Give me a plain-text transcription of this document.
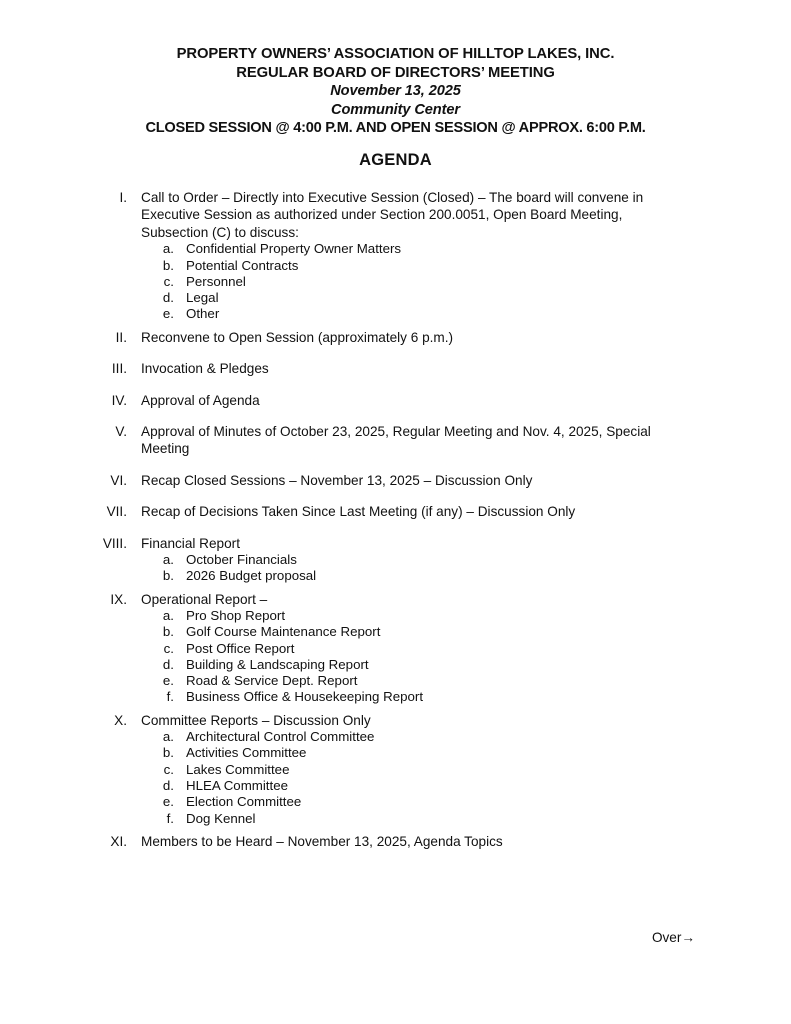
PROPERTY OWNERS’ ASSOCIATION OF HILLTOP LAKES, INC.
REGULAR BOARD OF DIRECTORS’ MEETING
November 13, 2025
Community Center
CLOSED SESSION @ 4:00 P.M. AND OPEN SESSION @ APPROX. 6:00 P.M.
AGENDA
I. Call to Order – Directly into Executive Session (Closed) – The board will convene in Executive Session as authorized under Section 200.0051, Open Board Meeting, Subsection (C) to discuss:
a. Confidential Property Owner Matters
b. Potential Contracts
c. Personnel
d. Legal
e. Other
II. Reconvene to Open Session (approximately 6 p.m.)
III. Invocation & Pledges
IV. Approval of Agenda
V. Approval of Minutes of October 23, 2025, Regular Meeting and Nov. 4, 2025, Special Meeting
VI. Recap Closed Sessions – November 13, 2025 – Discussion Only
VII. Recap of Decisions Taken Since Last Meeting (if any) – Discussion Only
VIII. Financial Report
a. October Financials
b. 2026 Budget proposal
IX. Operational Report –
a. Pro Shop Report
b. Golf Course Maintenance Report
c. Post Office Report
d. Building & Landscaping Report
e. Road & Service Dept. Report
f. Business Office & Housekeeping Report
X. Committee Reports – Discussion Only
a. Architectural Control Committee
b. Activities Committee
c. Lakes Committee
d. HLEA Committee
e. Election Committee
f. Dog Kennel
XI. Members to be Heard – November 13, 2025, Agenda Topics
Over→
